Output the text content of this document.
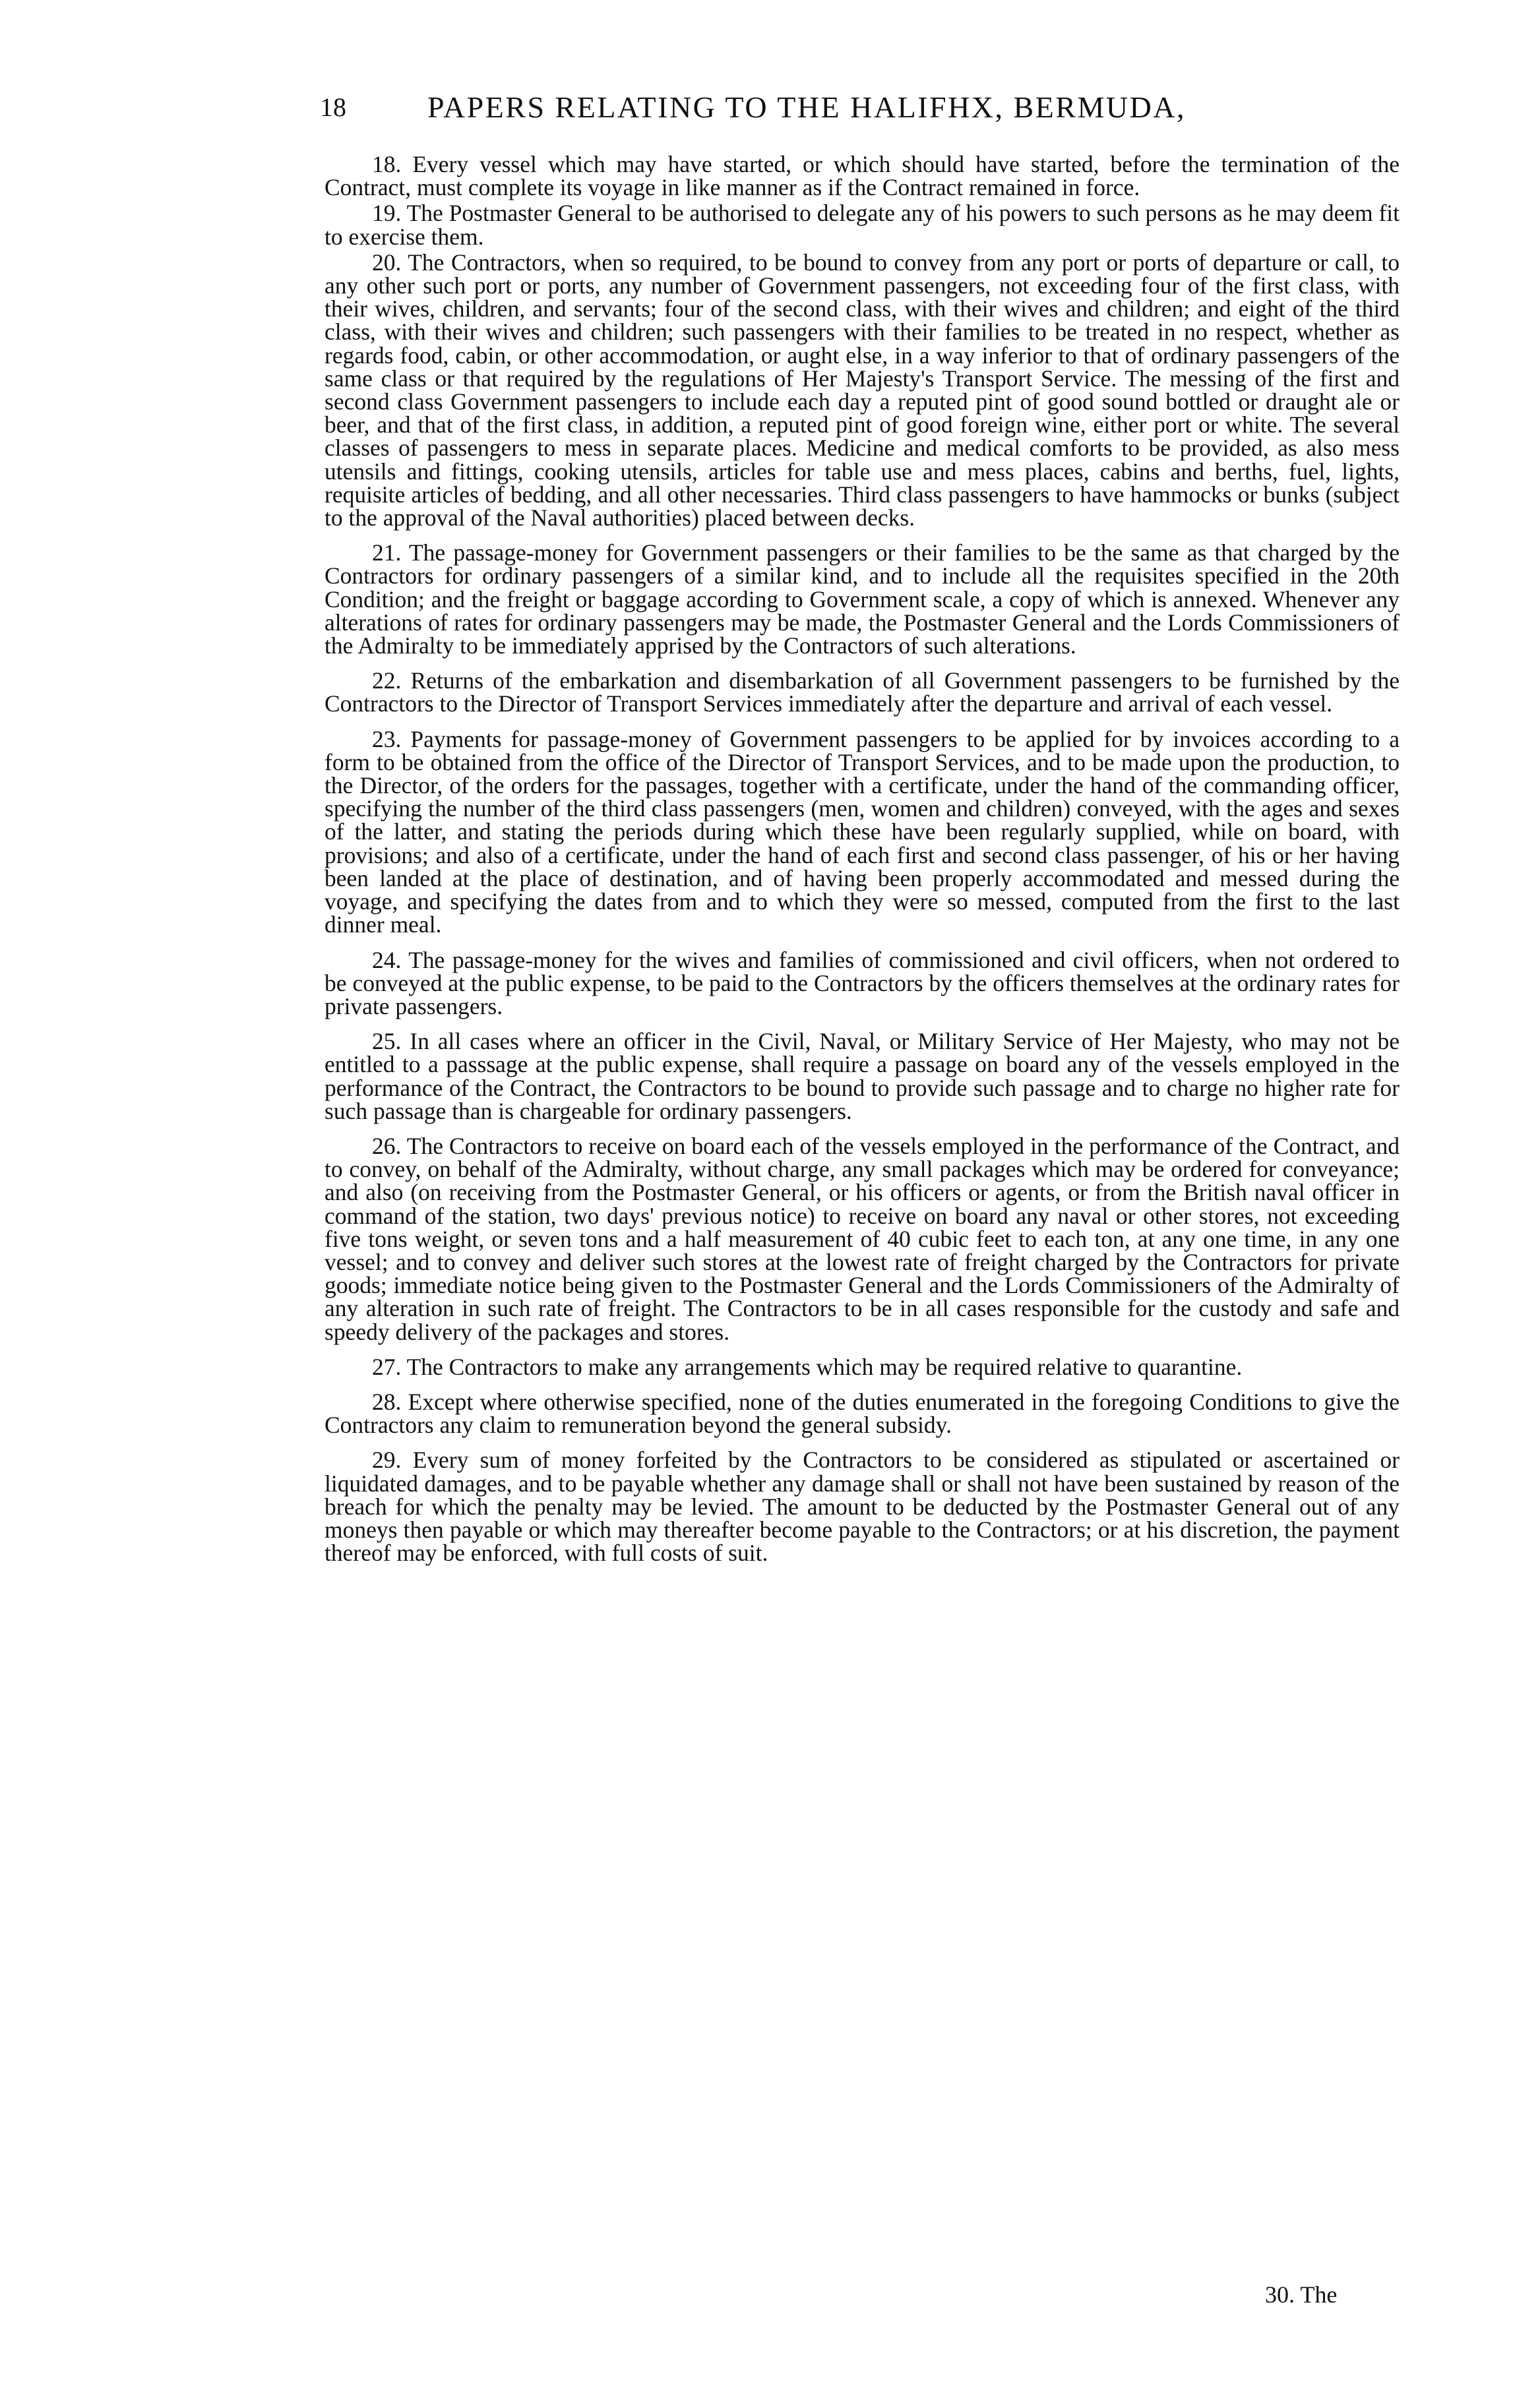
18	PAPERS RELATING TO THE HALIFHX, BERMUDA,

18. Every vessel which may have started, or which should have started, before the termination of the Contract, must complete its voyage in like manner as if the Contract remained in force.

19. The Postmaster General to be authorised to delegate any of his powers to such persons as he may deem fit to exercise them.

20. The Contractors, when so required, to be bound to convey from any port or ports of departure or call, to any other such port or ports, any number of Government passengers, not exceeding four of the first class, with their wives, children, and servants; four of the second class, with their wives and children; and eight of the third class, with their wives and children; such passengers with their families to be treated in no respect, whether as regards food, cabin, or other accommodation, or aught else, in a way inferior to that of ordinary passengers of the same class or that required by the regulations of Her Majesty's Transport Service. The messing of the first and second class Government passengers to include each day a reputed pint of good sound bottled or draught ale or beer, and that of the first class, in addition, a reputed pint of good foreign wine, either port or white. The several classes of passengers to mess in separate places. Medicine and medical comforts to be provided, as also mess utensils and fittings, cooking utensils, articles for table use and mess places, cabins and berths, fuel, lights, requisite articles of bedding, and all other necessaries. Third class passengers to have hammocks or bunks (subject to the approval of the Naval authorities) placed between decks.

21. The passage-money for Government passengers or their families to be the same as that charged by the Contractors for ordinary passengers of a similar kind, and to include all the requisites specified in the 20th Condition; and the freight or baggage according to Government scale, a copy of which is annexed. Whenever any alterations of rates for ordinary passengers may be made, the Postmaster General and the Lords Commissioners of the Admiralty to be immediately apprised by the Contractors of such alterations.

22. Returns of the embarkation and disembarkation of all Government passengers to be furnished by the Contractors to the Director of Transport Services immediately after the departure and arrival of each vessel.

23. Payments for passage-money of Government passengers to be applied for by invoices according to a form to be obtained from the office of the Director of Transport Services, and to be made upon the production, to the Director, of the orders for the passages, together with a certificate, under the hand of the commanding officer, specifying the number of the third class passengers (men, women and children) conveyed, with the ages and sexes of the latter, and stating the periods during which these have been regularly supplied, while on board, with provisions; and also of a certificate, under the hand of each first and second class passenger, of his or her having been landed at the place of destination, and of having been properly accommodated and messed during the voyage, and specifying the dates from and to which they were so messed, computed from the first to the last dinner meal.

24. The passage-money for the wives and families of commissioned and civil officers, when not ordered to be conveyed at the public expense, to be paid to the Contractors by the officers themselves at the ordinary rates for private passengers.

25. In all cases where an officer in the Civil, Naval, or Military Service of Her Majesty, who may not be entitled to a passsage at the public expense, shall require a passage on board any of the vessels employed in the performance of the Contract, the Contractors to be bound to provide such passage and to charge no higher rate for such passage than is chargeable for ordinary passengers.

26. The Contractors to receive on board each of the vessels employed in the performance of the Contract, and to convey, on behalf of the Admiralty, without charge, any small packages which may be ordered for conveyance; and also (on receiving from the Postmaster General, or his officers or agents, or from the British naval officer in command of the station, two days' previous notice) to receive on board any naval or other stores, not exceeding five tons weight, or seven tons and a half measurement of 40 cubic feet to each ton, at any one time, in any one vessel; and to convey and deliver such stores at the lowest rate of freight charged by the Contractors for private goods; immediate notice being given to the Postmaster General and the Lords Commissioners of the Admiralty of any alteration in such rate of freight. The Contractors to be in all cases responsible for the custody and safe and speedy delivery of the packages and stores.

27. The Contractors to make any arrangements which may be required relative to quarantine.

28. Except where otherwise specified, none of the duties enumerated in the foregoing Conditions to give the Contractors any claim to remuneration beyond the general subsidy.

29. Every sum of money forfeited by the Contractors to be considered as stipulated or ascertained or liquidated damages, and to be payable whether any damage shall or shall not have been sustained by reason of the breach for which the penalty may be levied. The amount to be deducted by the Postmaster General out of any moneys then payable or which may thereafter become payable to the Contractors; or at his discretion, the payment thereof may be enforced, with full costs of suit.

30. The
